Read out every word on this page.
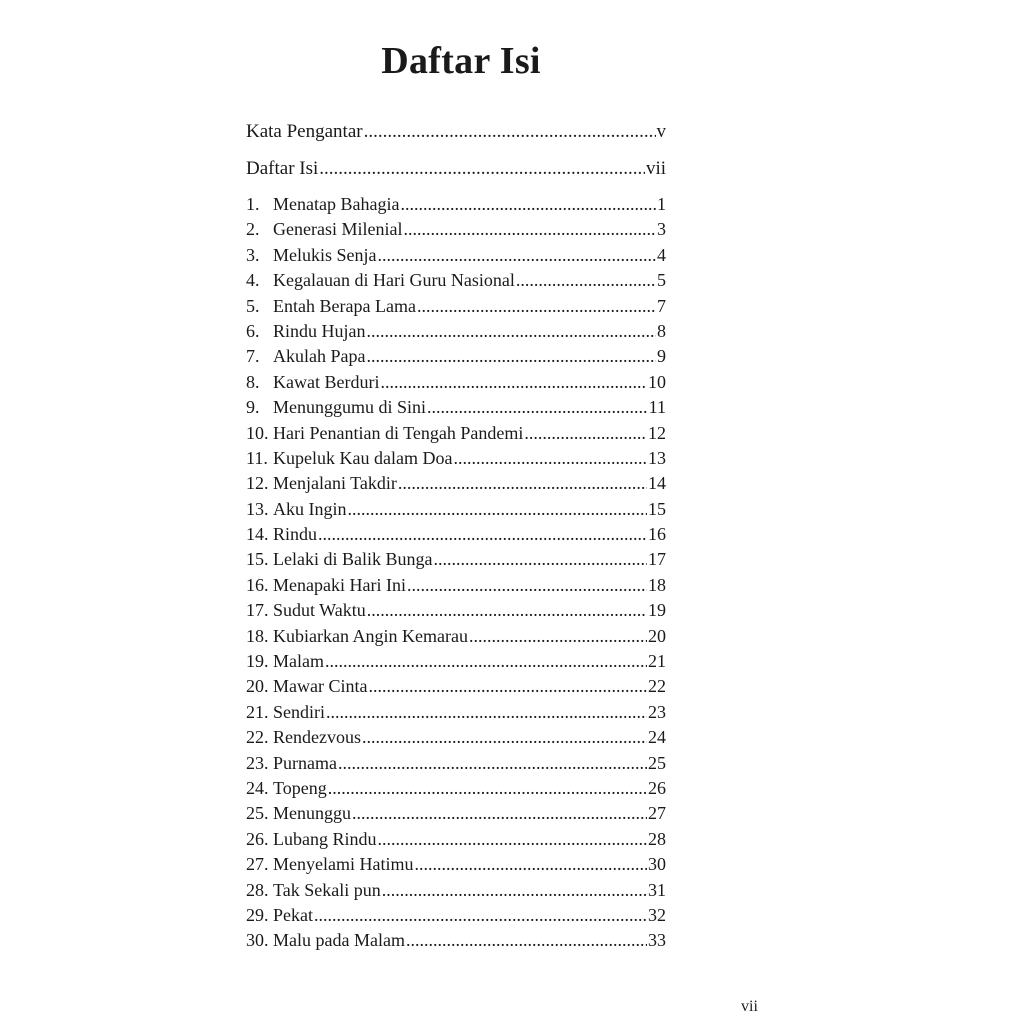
Daftar Isi
Kata Pengantar .....	v
Daftar Isi .....	vii
1. Menatap Bahagia .....	1
2. Generasi Milenial .....	3
3. Melukis Senja .....	4
4. Kegalauan di Hari Guru Nasional .....	5
5. Entah Berapa Lama .....	7
6. Rindu Hujan .....	8
7. Akulah Papa .....	9
8. Kawat Berduri .....	10
9. Menunggumu di Sini .....	11
10. Hari Penantian di Tengah Pandemi .....	12
11. Kupeluk Kau dalam Doa .....	13
12. Menjalani Takdir .....	14
13. Aku Ingin .....	15
14. Rindu .....	16
15. Lelaki di Balik Bunga .....	17
16. Menapaki Hari Ini .....	18
17. Sudut Waktu .....	19
18. Kubiarkan Angin Kemarau .....	20
19. Malam .....	21
20. Mawar Cinta .....	22
21. Sendiri .....	23
22. Rendezvous .....	24
23. Purnama .....	25
24. Topeng .....	26
25. Menunggu .....	27
26. Lubang Rindu .....	28
27. Menyelami Hatimu .....	30
28. Tak Sekali pun .....	31
29. Pekat .....	32
30. Malu pada Malam .....	33
vii
